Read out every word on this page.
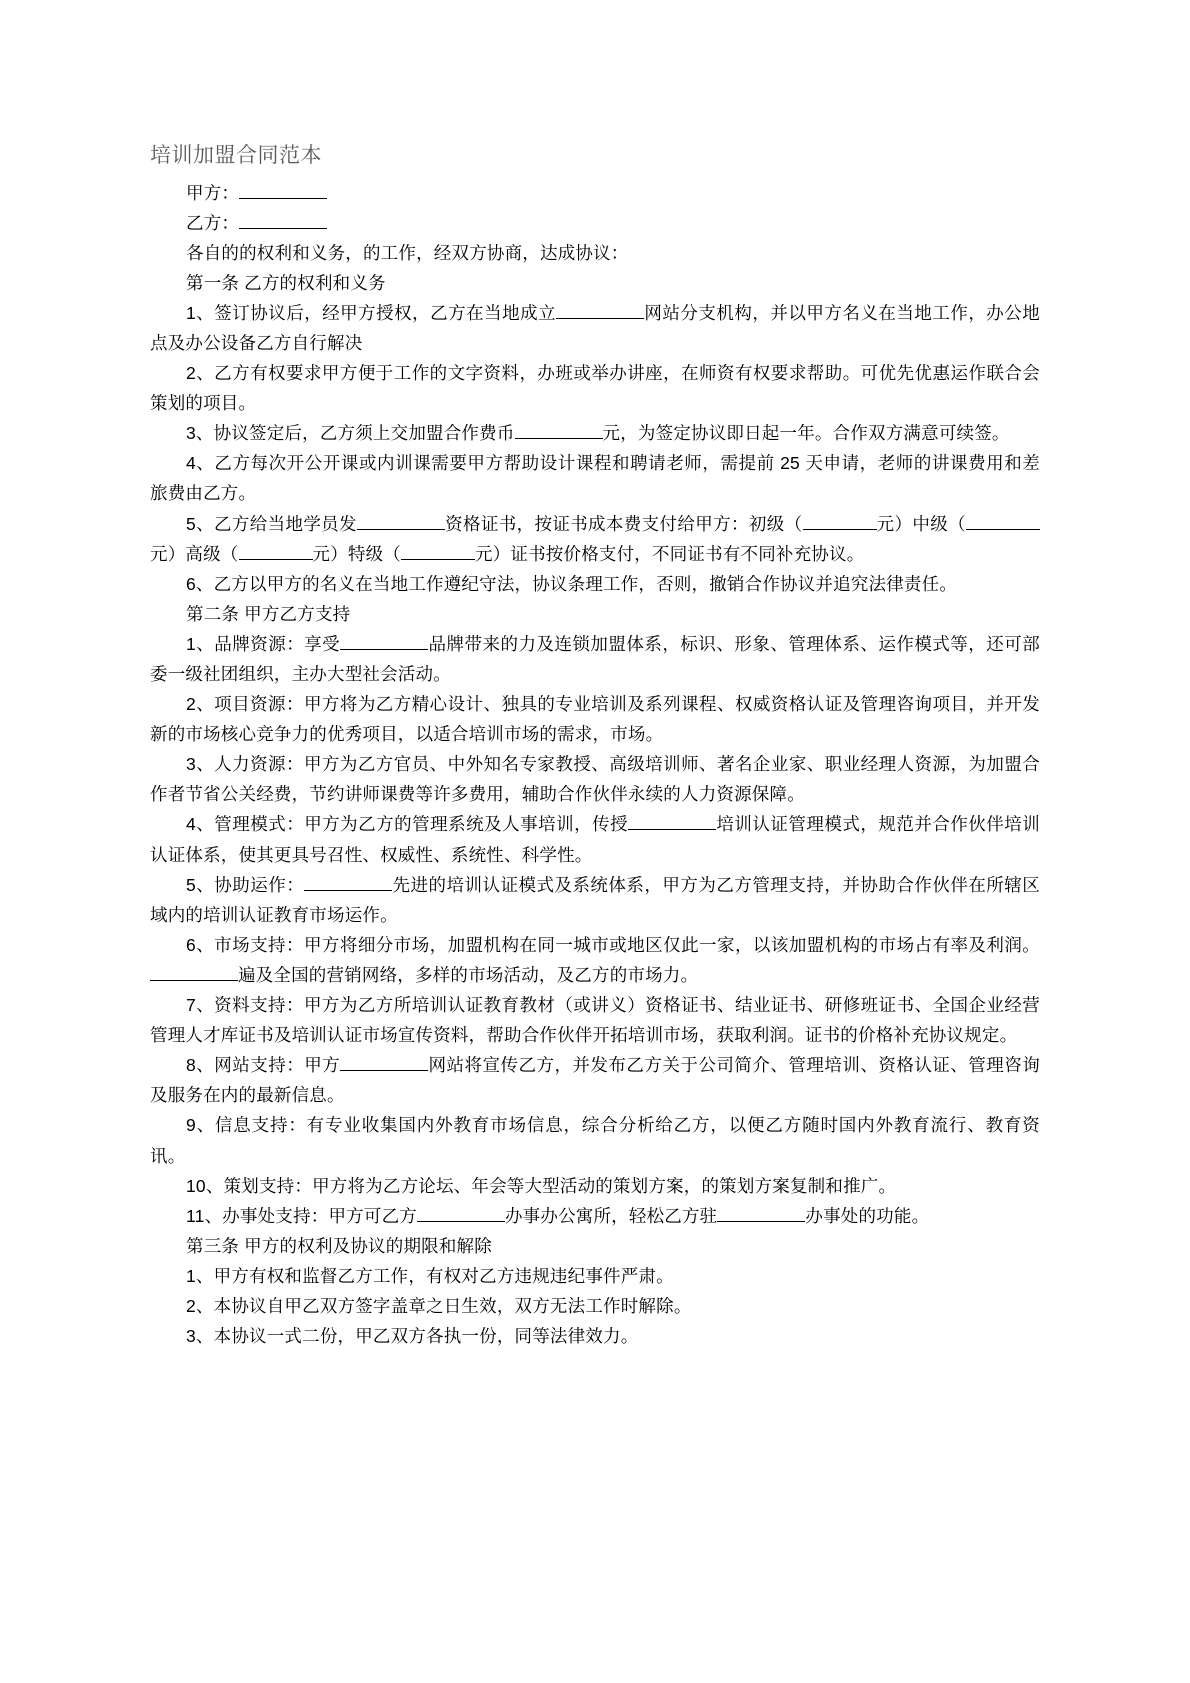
培训加盟合同范本

甲方：

乙方：

各自的的权利和义务，的工作，经双方协商，达成协议：

第一条 乙方的权利和义务

1、签订协议后，经甲方授权，乙方在当地成立	网站分支机构，并以甲方名义在当地工作，办公地点及办公设备乙方自行解决

2、乙方有权要求甲方便于工作的文字资料，办班或举办讲座，在师资有权要求帮助。可优先优惠运作联合会策划的项目。

3、协议签定后，乙方须上交加盟合作费币	元，为签定协议即日起一年。合作双方满意可续签。

4、乙方每次开公开课或内训课需要甲方帮助设计课程和聘请老师，需提前 25 天申请，老师的讲课费用和差旅费由乙方。

5、乙方给当地学员发	资格证书，按证书成本费支付给甲方：初级（	元）中级（元）高级（	元）特级（	元）证书按价格支付，不同证书有不同补充协议。

6、乙方以甲方的名义在当地工作遵纪守法，协议条理工作，否则，撤销合作协议并追究法律责任。

第二条 甲方乙方支持

1、品牌资源：享受	品牌带来的力及连锁加盟体系，标识、形象、管理体系、运作模式等，还可部委一级社团组织，主办大型社会活动。

2、项目资源：甲方将为乙方精心设计、独具的专业培训及系列课程、权威资格认证及管理咨询项目，并开发新的市场核心竞争力的优秀项目，以适合培训市场的需求，市场。

3、人力资源：甲方为乙方官员、中外知名专家教授、高级培训师、著名企业家、职业经理人资源，为加盟合作者节省公关经费，节约讲师课费等许多费用，辅助合作伙伴永续的人力资源保障。

4、管理模式：甲方为乙方的管理系统及人事培训，传授	培训认证管理模式，规范并合作伙伴培训认证体系，使其更具号召性、权威性、系统性、科学性。

5、协助运作：	先进的培训认证模式及系统体系，甲方为乙方管理支持，并协助合作伙伴在所辖区域内的培训认证教育市场运作。

6、市场支持：甲方将细分市场，加盟机构在同一城市或地区仅此一家，以该加盟机构的市场占有率及利润。遍及全国的营销网络，多样的市场活动，及乙方的市场力。

7、资料支持：甲方为乙方所培训认证教育教材（或讲义）资格证书、结业证书、研修班证书、全国企业经营管理人才库证书及培训认证市场宣传资料，帮助合作伙伴开拓培训市场，获取利润。证书的价格补充协议规定。

8、网站支持：甲方	网站将宣传乙方，并发布乙方关于公司简介、管理培训、资格认证、管理咨询及服务在内的最新信息。

9、信息支持：有专业收集国内外教育市场信息，综合分析给乙方，以便乙方随时国内外教育流行、教育资讯。

10、策划支持：甲方将为乙方论坛、年会等大型活动的策划方案，的策划方案复制和推广。

11、办事处支持：甲方可乙方	办事办公寓所，轻松乙方驻	办事处的功能。

第三条 甲方的权利及协议的期限和解除

1、甲方有权和监督乙方工作，有权对乙方违规违纪事件严肃。

2、本协议自甲乙双方签字盖章之日生效，双方无法工作时解除。

3、本协议一式二份，甲乙双方各执一份，同等法律效力。
